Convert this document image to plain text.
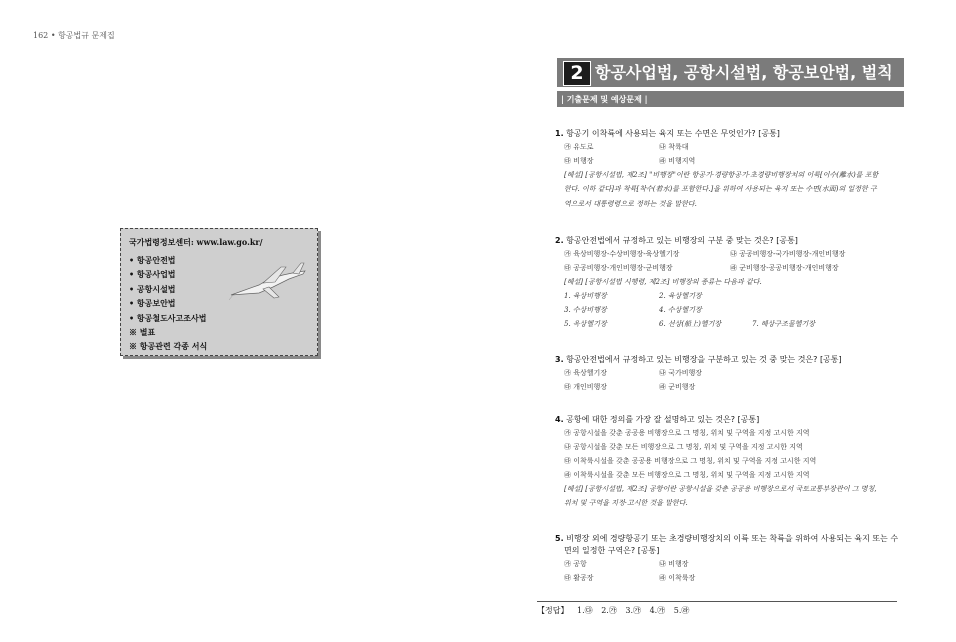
162 • 항공법규 문제집
국가법령정보센터: www.law.go.kr/
• 항공안전법
• 항공사업법
• 공항시설법
• 항공보안법
• 항공철도사고조사법
※ 별표
※ 항공관련 각종 서식
2 항공사업법, 공항시설법, 항공보안법, 벌칙
| 기출문제 및 예상문제 |
1. 항공기 이착륙에 사용되는 육지 또는 수면은 무엇인가? [공통]
㉮ 유도로	㉯ 착륙대
㉰ 비행장	㉱ 비행지역
[해설] [공항시설법, 제2조] "비행장"이란 항공기·경량항공기·초경량비행장치의 이륙[이수(離水)를 포함
한다. 이하 같다]과 착륙[착수(着水)를 포함한다.]을 위하여 사용되는 육지 또는 수면(水面)의 일정한 구
역으로서 대통령령으로 정하는 것을 말한다.
2. 항공안전법에서 규정하고 있는 비행장의 구분 중 맞는 것은? [공통]
㉮ 육상비행장-수상비행장-육상헬기장	㉯ 공공비행장-국가비행장-개인비행장
㉰ 공공비행장-개인비행장-군비행장	㉱ 군비행장-공공비행장-개인비행장
[해설] [공항시설법 시행령, 제2조] 비행장의 종류는 다음과 같다.
1. 육상비행장	2. 육상헬기장
3. 수상비행장	4. 수상헬기장
5. 옥상헬기장	6. 선상(船上)헬기장	7. 해상구조물헬기장
3. 항공안전법에서 규정하고 있는 비행장을 구분하고 있는 것 중 맞는 것은? [공통]
㉮ 육상헬기장	㉯ 국가비행장
㉰ 개인비행장	㉱ 군비행장
4. 공항에 대한 정의를 가장 잘 설명하고 있는 것은? [공통]
㉮ 공항시설을 갖춘 공공용 비행장으로 그 명칭, 위치 및 구역을 지정 고시한 지역
㉯ 공항시설을 갖춘 모든 비행장으로 그 명칭, 위치 및 구역을 지정 고시한 지역
㉰ 이착륙시설을 갖춘 공공용 비행장으로 그 명칭, 위치 및 구역을 지정 고시한 지역
㉱ 이착륙시설을 갖춘 모든 비행장으로 그 명칭, 위치 및 구역을 지정 고시한 지역
[해설] [공항시설법, 제2조] 공항이란 공항시설을 갖춘 공공용 비행장으로서 국토교통부장관이 그 명칭,
위치 및 구역을 지정·고시한 것을 말한다.
5. 비행장 외에 경량항공기 또는 초경량비행장치의 이륙 또는 착륙을 위하여 사용되는 육지 또는 수
면의 일정한 구역은? [공통]
㉮ 공항	㉯ 비행장
㉰ 활공장	㉱ 이착륙장
【정답】 1.㉰ 2.㉮ 3.㉮ 4.㉮ 5.㉱
